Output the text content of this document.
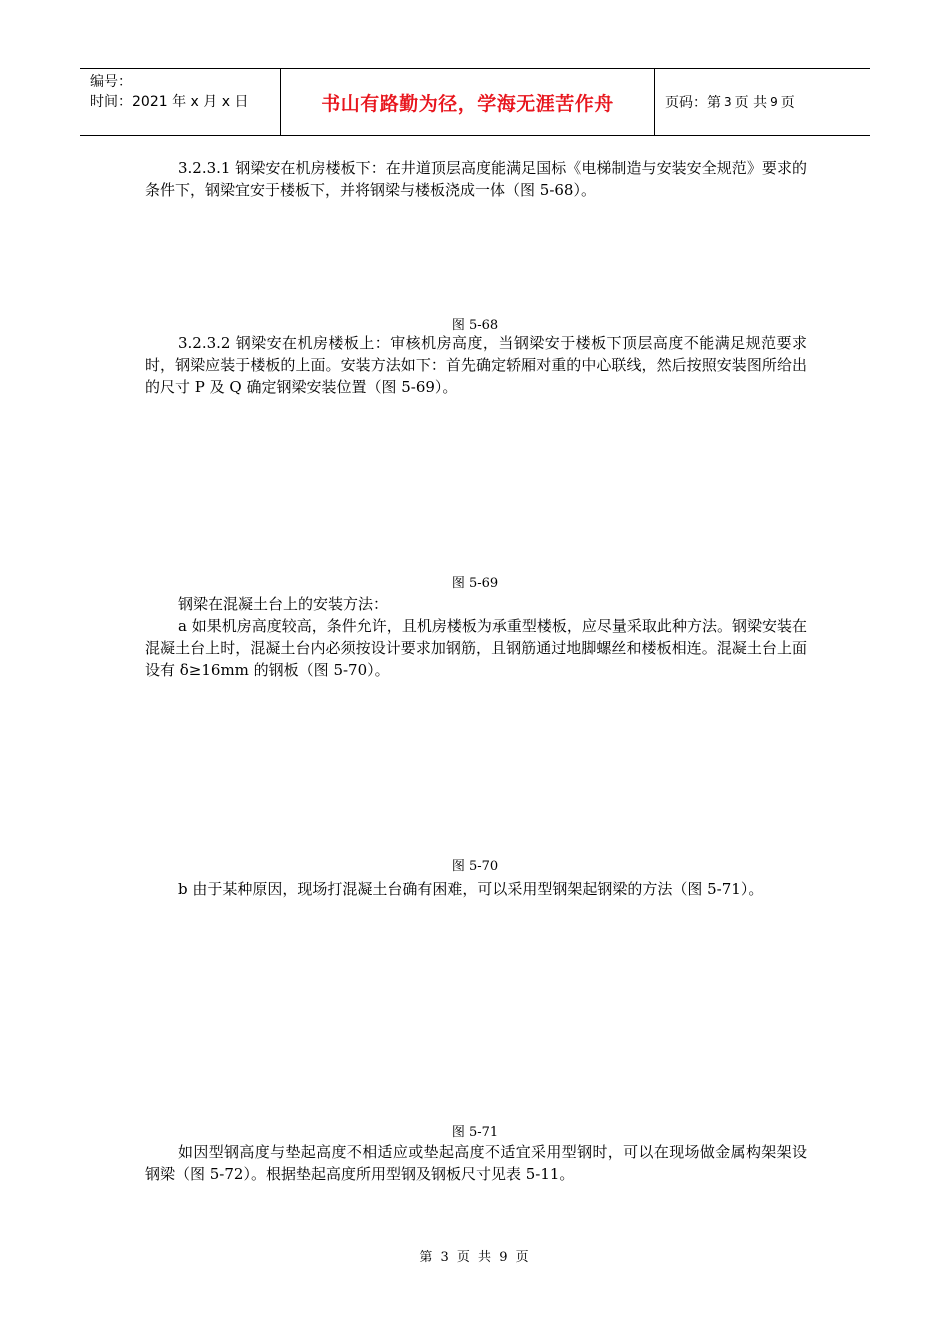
编号：
时间：2021 年 x 月 x 日	书山有路勤为径，学海无涯苦作舟	页码：第 3 页 共 9 页

3.2.3.1 钢梁安在机房楼板下：在井道顶层高度能满足国标《电梯制造与安装安全规范》要求的条件下，钢梁宜安于楼板下，并将钢梁与楼板浇成一体（图 5-68）。

图 5-68

3.2.3.2 钢梁安在机房楼板上：审核机房高度，当钢梁安于楼板下顶层高度不能满足规范要求时，钢梁应装于楼板的上面。安装方法如下：首先确定轿厢对重的中心联线，然后按照安装图所给出的尺寸 P 及 Q 确定钢梁安装位置（图 5-69）。

图 5-69

钢梁在混凝土台上的安装方法：

a 如果机房高度较高，条件允许，且机房楼板为承重型楼板，应尽量采取此种方法。钢梁安装在混凝土台上时，混凝土台内必须按设计要求加钢筋，且钢筋通过地脚螺丝和楼板相连。混凝土台上面设有 δ≥16mm 的钢板（图 5-70）。

图 5-70

b 由于某种原因，现场打混凝土台确有困难，可以采用型钢架起钢梁的方法（图 5-71）。

图 5-71

如因型钢高度与垫起高度不相适应或垫起高度不适宜采用型钢时，可以在现场做金属构架架设钢梁（图 5-72）。根据垫起高度所用型钢及钢板尺寸见表 5-11。

第 3 页 共 9 页
